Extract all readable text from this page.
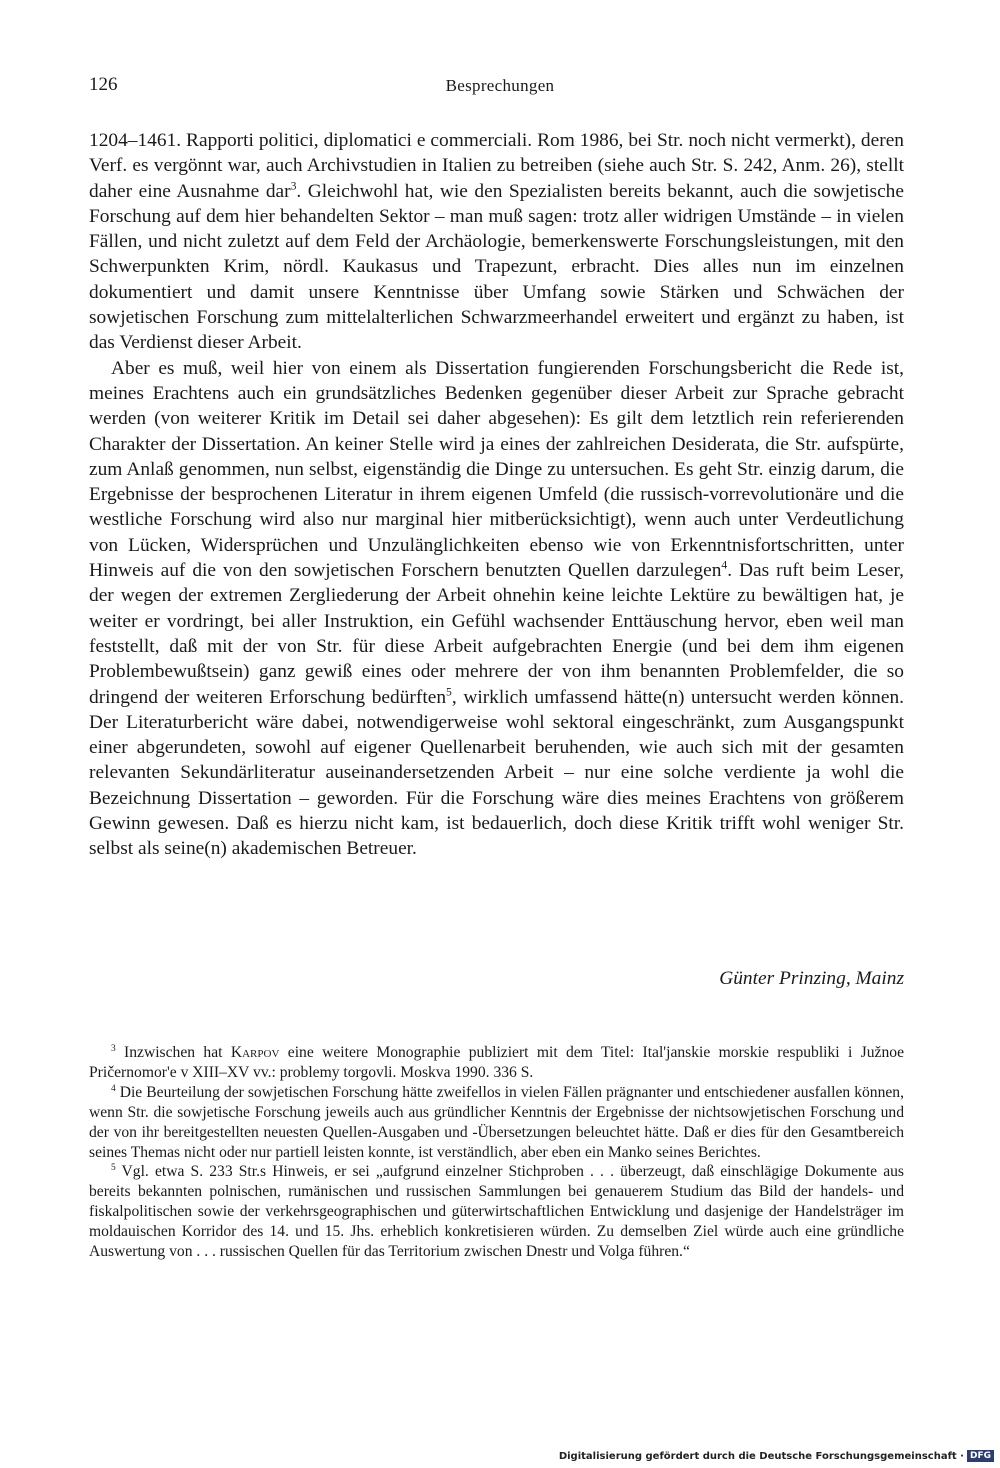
126	Besprechungen

1204–1461. Rapporti politici, diplomatici e commerciali. Rom 1986, bei Str. noch nicht vermerkt), deren Verf. es vergönnt war, auch Archivstudien in Italien zu betreiben (siehe auch Str. S. 242, Anm. 26), stellt daher eine Ausnahme dar$^3$. Gleichwohl hat, wie den Spezialisten bereits bekannt, auch die sowjetische Forschung auf dem hier behandelten Sektor – man muß sagen: trotz aller widrigen Umstände – in vielen Fällen, und nicht zuletzt auf dem Feld der Archäologie, bemerkenswerte Forschungsleistungen, mit den Schwerpunkten Krim, nördl. Kaukasus und Trapezunt, erbracht. Dies alles nun im einzelnen dokumentiert und damit unsere Kenntnisse über Umfang sowie Stärken und Schwächen der sowjetischen Forschung zum mittelalterlichen Schwarzmeerhandel erweitert und ergänzt zu haben, ist das Verdienst dieser Arbeit.

Aber es muß, weil hier von einem als Dissertation fungierenden Forschungsbericht die Rede ist, meines Erachtens auch ein grundsätzliches Bedenken gegenüber dieser Arbeit zur Sprache gebracht werden (von weiterer Kritik im Detail sei daher abgesehen): Es gilt dem letztlich rein referierenden Charakter der Dissertation. An keiner Stelle wird ja eines der zahlreichen Desiderata, die Str. aufspürte, zum Anlaß genommen, nun selbst, eigenständig die Dinge zu untersuchen. Es geht Str. einzig darum, die Ergebnisse der besprochenen Literatur in ihrem eigenen Umfeld (die russisch-vorrevolutionäre und die westliche Forschung wird also nur marginal hier mitberücksichtigt), wenn auch unter Verdeutlichung von Lücken, Widersprüchen und Unzulänglichkeiten ebenso wie von Erkenntnisfortschritten, unter Hinweis auf die von den sowjetischen Forschern benutzten Quellen darzulegen$^4$. Das ruft beim Leser, der wegen der extremen Zergliederung der Arbeit ohnehin keine leichte Lektüre zu bewältigen hat, je weiter er vordringt, bei aller Instruktion, ein Gefühl wachsender Enttäuschung hervor, eben weil man feststellt, daß mit der von Str. für diese Arbeit aufgebrachten Energie (und bei dem ihm eigenen Problembewußtsein) ganz gewiß eines oder mehrere der von ihm benannten Problemfelder, die so dringend der weiteren Erforschung bedürften$^5$, wirklich umfassend hätte(n) untersucht werden können. Der Literaturbericht wäre dabei, notwendigerweise wohl sektoral eingeschränkt, zum Ausgangspunkt einer abgerundeten, sowohl auf eigener Quellenarbeit beruhenden, wie auch sich mit der gesamten relevanten Sekundärliteratur auseinandersetzenden Arbeit – nur eine solche verdiente ja wohl die Bezeichnung Dissertation – geworden. Für die Forschung wäre dies meines Erachtens von größerem Gewinn gewesen. Daß es hierzu nicht kam, ist bedauerlich, doch diese Kritik trifft wohl weniger Str. selbst als seine(n) akademischen Betreuer.

Günter Prinzing, Mainz

$^3$ Inzwischen hat Karpov eine weitere Monographie publiziert mit dem Titel: Ital'janskie morskie respubliki i Južnoe Pričernomor'e v XIII–XV vv.: problemy torgovli. Moskva 1990. 336 S.

$^4$ Die Beurteilung der sowjetischen Forschung hätte zweifellos in vielen Fällen prägnanter und entschiedener ausfallen können, wenn Str. die sowjetische Forschung jeweils auch aus gründlicher Kenntnis der Ergebnisse der nichtsowjetischen Forschung und der von ihr bereitgestellten neuesten Quellen-Ausgaben und -Übersetzungen beleuchtet hätte. Daß er dies für den Gesamtbereich seines Themas nicht oder nur partiell leisten konnte, ist verständlich, aber eben ein Manko seines Berichtes.

$^5$ Vgl. etwa S. 233 Str.s Hinweis, er sei „aufgrund einzelner Stichproben . . . überzeugt, daß einschlägige Dokumente aus bereits bekannten polnischen, rumänischen und russischen Sammlungen bei genauerem Studium das Bild der handels- und fiskalpolitischen sowie der verkehrsgeographischen und güterwirtschaftlichen Entwicklung und dasjenige der Handelsträger im moldauischen Korridor des 14. und 15. Jhs. erheblich konkretisieren würden. Zu demselben Ziel würde auch eine gründliche Auswertung von . . . russischen Quellen für das Territorium zwischen Dnestr und Volga führen.“

Digitalisierung gefördert durch die Deutsche Forschungsgemeinschaft · DFG
